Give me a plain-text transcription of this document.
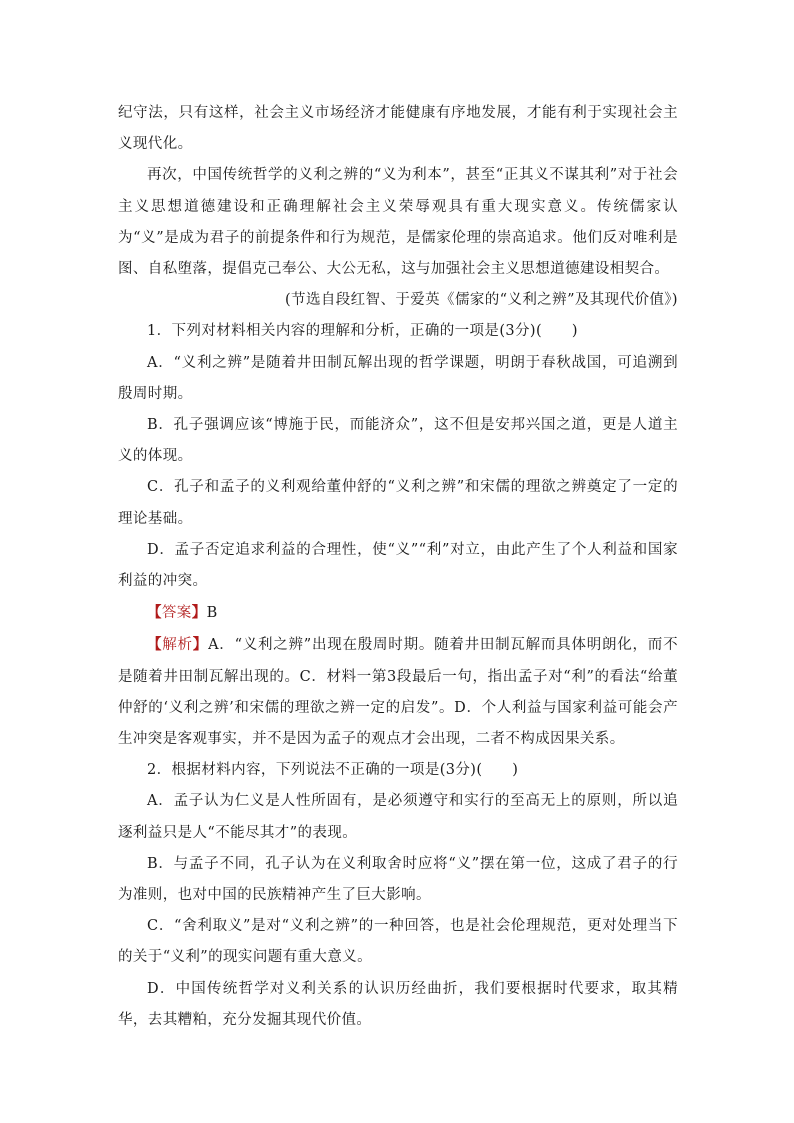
纪守法，只有这样，社会主义市场经济才能健康有序地发展，才能有利于实现社会主义现代化。

再次，中国传统哲学的义利之辨的“义为利本”，甚至“正其义不谋其利”对于社会主义思想道德建设和正确理解社会主义荣辱观具有重大现实意义。传统儒家认为“义”是成为君子的前提条件和行为规范，是儒家伦理的崇高追求。他们反对唯利是图、自私堕落，提倡克己奉公、大公无私，这与加强社会主义思想道德建设相契合。

(节选自段红智、于爱英《儒家的“义利之辨”及其现代价值》)

1．下列对材料相关内容的理解和分析，正确的一项是(3分)(　　)

A．“义利之辨”是随着井田制瓦解出现的哲学课题，明朗于春秋战国，可追溯到殷周时期。

B．孔子强调应该“博施于民，而能济众”，这不但是安邦兴国之道，更是人道主义的体现。

C．孔子和孟子的义利观给董仲舒的“义利之辨”和宋儒的理欲之辨奠定了一定的理论基础。

D．孟子否定追求利益的合理性，使“义”“利”对立，由此产生了个人利益和国家利益的冲突。

【答案】B

【解析】A．“义利之辨”出现在殷周时期。随着井田制瓦解而具体明朗化，而不是随着井田制瓦解出现的。C．材料一第3段最后一句，指出孟子对“利”的看法“给董仲舒的‘义利之辨’和宋儒的理欲之辨一定的启发”。D．个人利益与国家利益可能会产生冲突是客观事实，并不是因为孟子的观点才会出现，二者不构成因果关系。

2．根据材料内容，下列说法不正确的一项是(3分)(　　)

A．孟子认为仁义是人性所固有，是必须遵守和实行的至高无上的原则，所以追逐利益只是人“不能尽其才”的表现。

B．与孟子不同，孔子认为在义利取舍时应将“义”摆在第一位，这成了君子的行为准则，也对中国的民族精神产生了巨大影响。

C．“舍利取义”是对“义利之辨”的一种回答，也是社会伦理规范，更对处理当下的关于“义利”的现实问题有重大意义。

D．中国传统哲学对义利关系的认识历经曲折，我们要根据时代要求，取其精华，去其糟粕，充分发掘其现代价值。
